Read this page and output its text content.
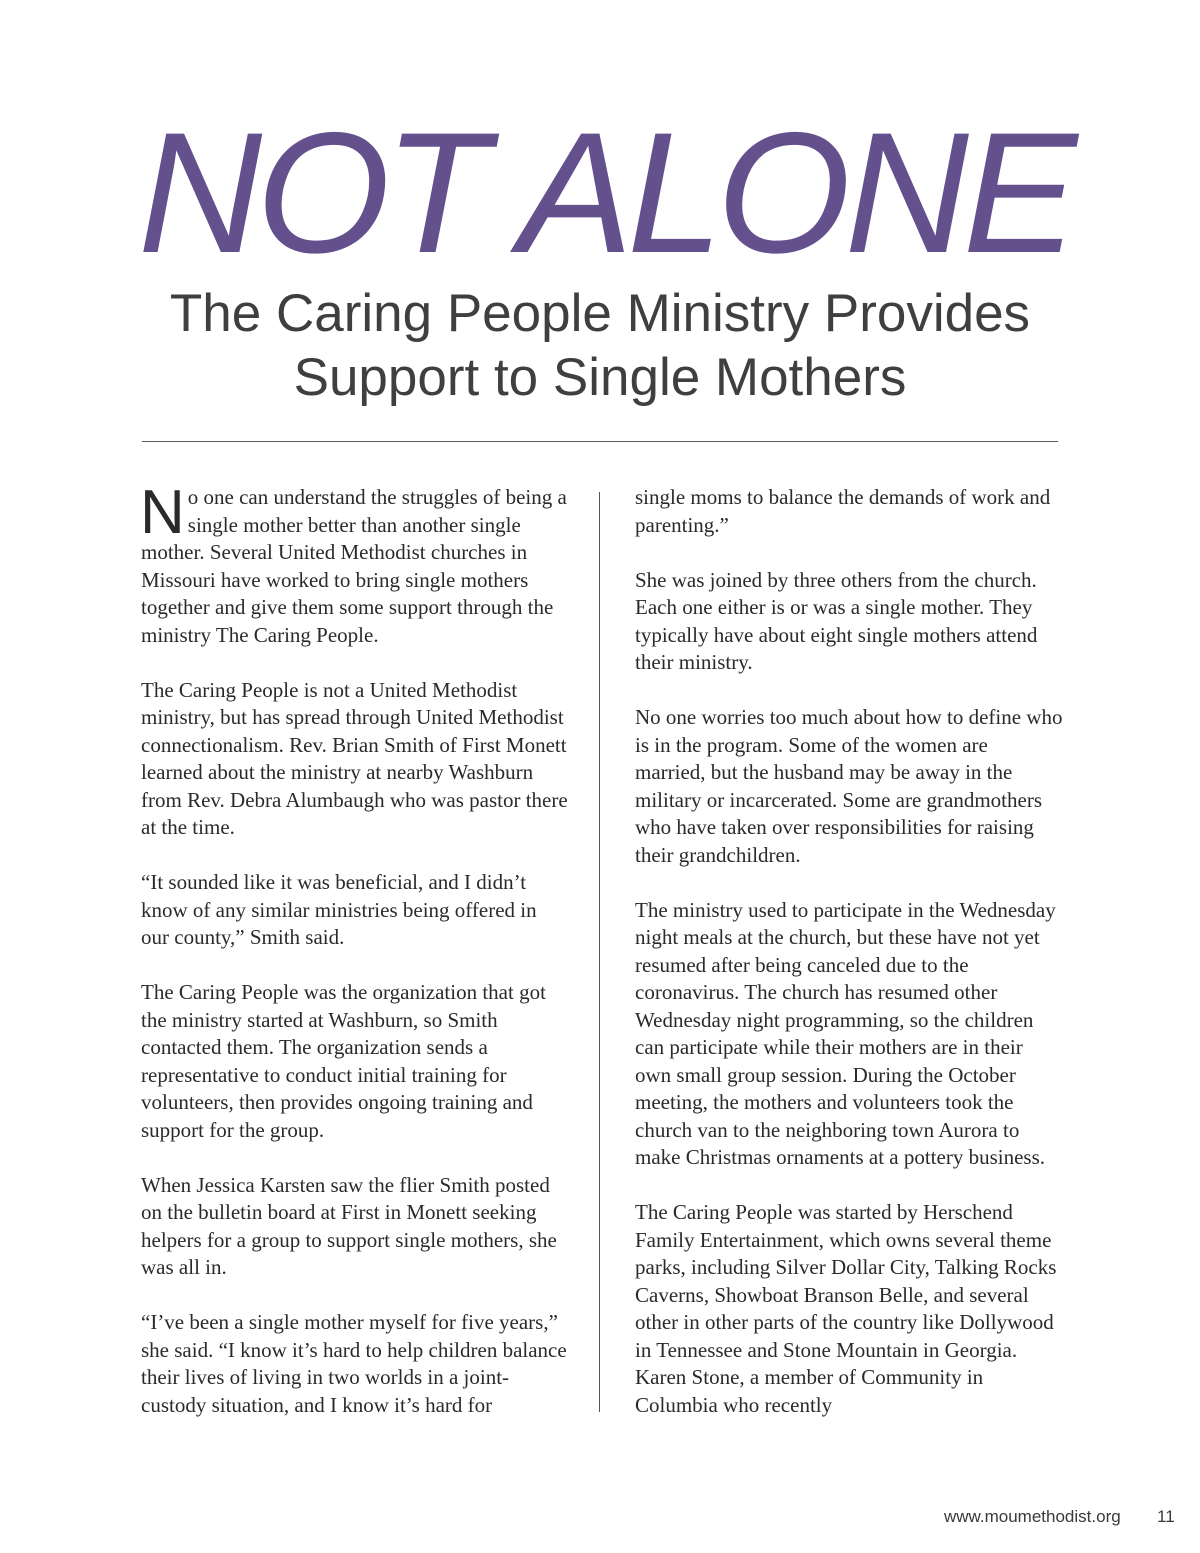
NOT ALONE
The Caring People Ministry Provides
Support to Single Mothers

No one can understand the struggles of being a single mother better than another single mother. Several United Methodist churches in Missouri have worked to bring single mothers together and give them some support through the ministry The Caring People.

The Caring People is not a United Methodist ministry, but has spread through United Methodist connectionalism. Rev. Brian Smith of First Monett learned about the ministry at nearby Washburn from Rev. Debra Alumbaugh who was pastor there at the time.

“It sounded like it was beneficial, and I didn’t know of any similar ministries being offered in our county,” Smith said.

The Caring People was the organization that got the ministry started at Washburn, so Smith contacted them. The organization sends a representative to conduct initial training for volunteers, then provides ongoing training and support for the group.

When Jessica Karsten saw the flier Smith posted on the bulletin board at First in Monett seeking helpers for a group to support single mothers, she was all in.

“I’ve been a single mother myself for five years,” she said. “I know it’s hard to help children balance their lives of living in two worlds in a joint-custody situation, and I know it’s hard for

single moms to balance the demands of work and parenting.”

She was joined by three others from the church. Each one either is or was a single mother. They typically have about eight single mothers attend their ministry.

No one worries too much about how to define who is in the program. Some of the women are married, but the husband may be away in the military or incarcerated. Some are grandmothers who have taken over responsibilities for raising their grandchildren.

The ministry used to participate in the Wednesday night meals at the church, but these have not yet resumed after being canceled due to the coronavirus. The church has resumed other Wednesday night programming, so the children can participate while their mothers are in their own small group session. During the October meeting, the mothers and volunteers took the church van to the neighboring town Aurora to make Christmas ornaments at a pottery business.

The Caring People was started by Herschend Family Entertainment, which owns several theme parks, including Silver Dollar City, Talking Rocks Caverns, Showboat Branson Belle, and several other in other parts of the country like Dollywood in Tennessee and Stone Mountain in Georgia. Karen Stone, a member of Community in Columbia who recently

www.moumethodist.org 11
